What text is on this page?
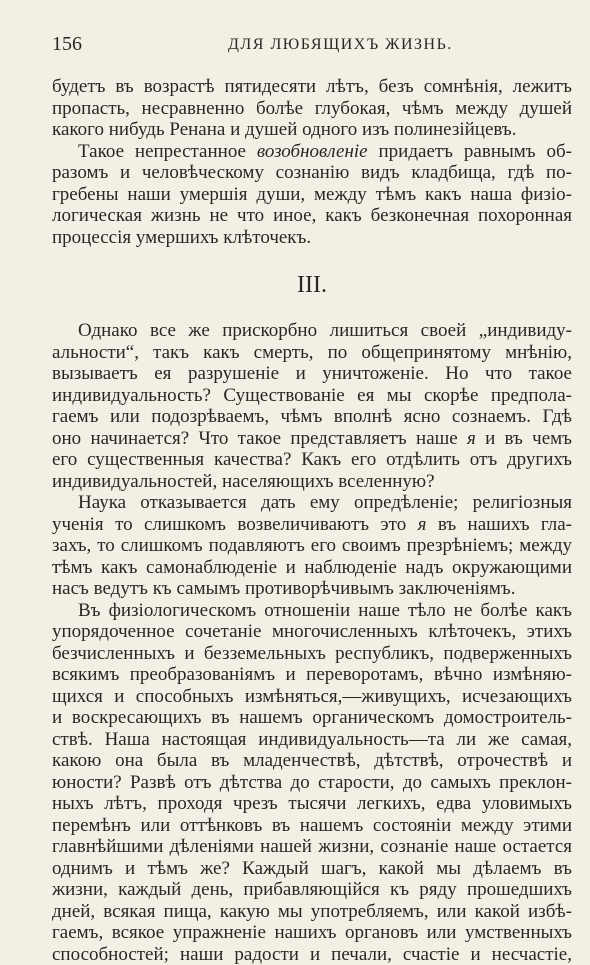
156	ДЛЯ ЛЮБЯЩИХЪ ЖИЗНЬ.
будетъ въ возрастѣ пятидесяти лѣтъ, безъ сомнѣнія, лежитъ
пропасть, несравненно болѣе глубокая, чѣмъ между душей
какого нибудь Ренана и душей одного изъ полинезійцевъ.
Такое непрестанное возобновленіе придаетъ равнымъ об-
разомъ и человѣческому сознанію видъ кладбища, гдѣ по-
гребены наши умершія души, между тѣмъ какъ наша физіо-
логическая жизнь не что иное, какъ безконечная похоронная
процессія умершихъ клѣточекъ.
III.
Однако все же прискорбно лишиться своей „индивиду-
альности“, такъ какъ смерть, по общепринятому мнѣнію,
вызываетъ ея разрушеніе и уничтоженіе. Но что такое
индивидуальность? Существованіе ея мы скорѣе предпола-
гаемъ или подозрѣваемъ, чѣмъ вполнѣ ясно сознаемъ. Гдѣ
оно начинается? Что такое представляетъ наше я и въ чемъ
его существенныя качества? Какъ его отдѣлить отъ другихъ
индивидуальностей, населяющихъ вселенную?
Наука отказывается дать ему опредѣленіе; религіозныя
ученія то слишкомъ возвеличиваютъ это я въ нашихъ гла-
захъ, то слишкомъ подавляютъ его своимъ презрѣніемъ; между
тѣмъ какъ самонаблюденіе и наблюденіе надъ окружающими
насъ ведутъ къ самымъ противорѣчивымъ заключеніямъ.
Въ физіологическомъ отношеніи наше тѣло не болѣе какъ
упорядоченное сочетаніе многочисленныхъ клѣточекъ, этихъ
безчисленныхъ и безземельныхъ республикъ, подверженныхъ
всякимъ преобразованіямъ и переворотамъ, вѣчно измѣняю-
щихся и способныхъ измѣняться,—живущихъ, исчезающихъ
и воскресающихъ въ нашемъ органическомъ домостроитель-
ствѣ. Наша настоящая индивидуальность—та ли же самая,
какою она была въ младенчествѣ, дѣтствѣ, отрочествѣ и
юности? Развѣ отъ дѣтства до старости, до самыхъ преклон-
ныхъ лѣтъ, проходя чрезъ тысячи легкихъ, едва уловимыхъ
перемѣнъ или оттѣнковъ въ нашемъ состояніи между этими
главнѣйшими дѣленіями нашей жизни, сознаніе наше остается
однимъ и тѣмъ же? Каждый шагъ, какой мы дѣлаемъ въ
жизни, каждый день, прибавляющійся къ ряду прошедшихъ
дней, всякая пища, какую мы употребляемъ, или какой избѣ-
гаемъ, всякое упражненіе нашихъ органовъ или умственныхъ
способностей; наши радости и печали, счастіе и несчастіе,
